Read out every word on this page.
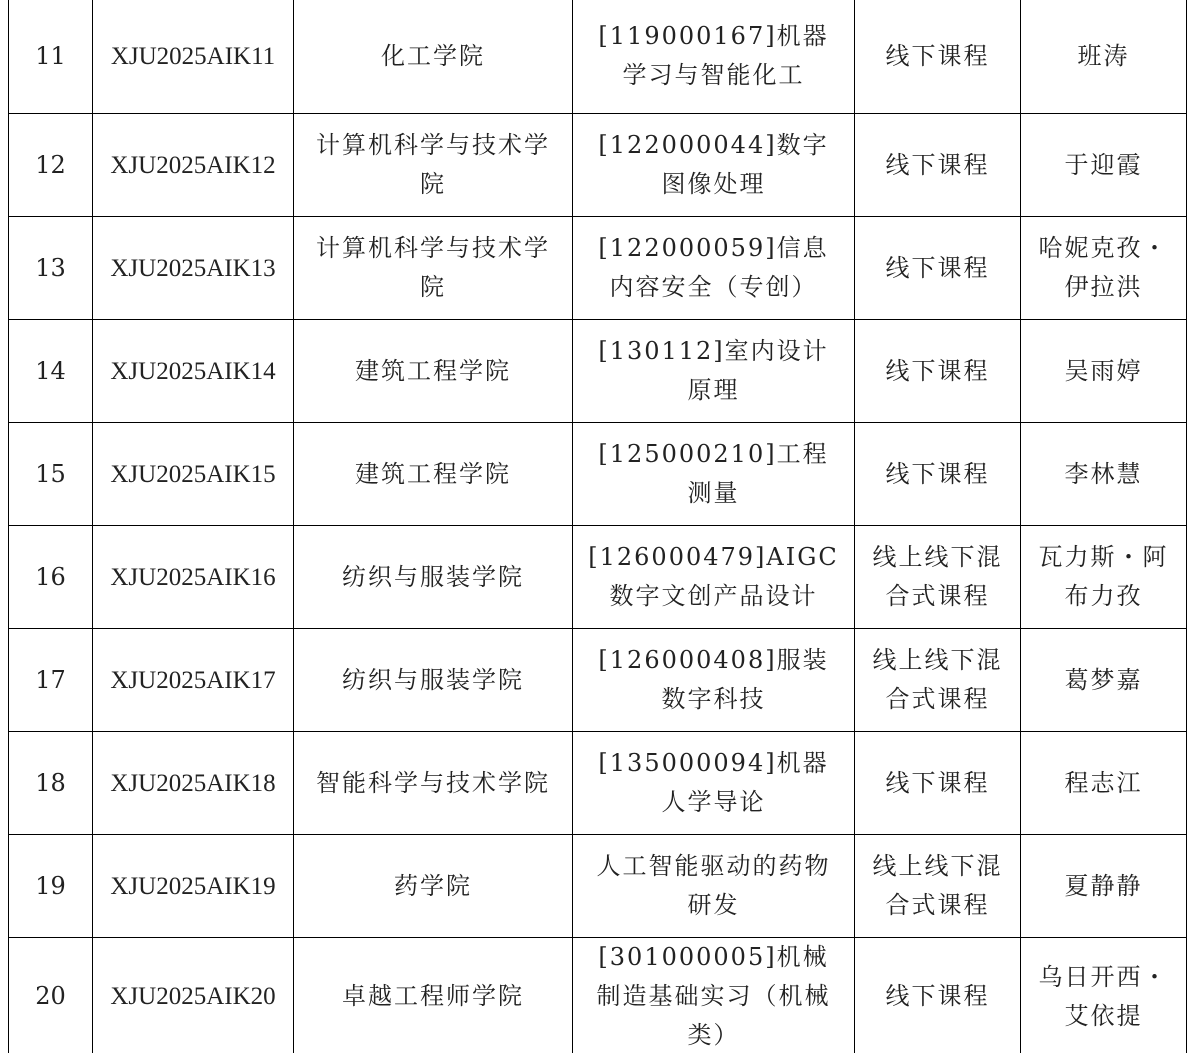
11	XJU2025AIK11	化工学院	[119000167]机器学习与智能化工	线下课程	班涛
12	XJU2025AIK12	计算机科学与技术学院	[122000044]数字图像处理	线下课程	于迎霞
13	XJU2025AIK13	计算机科学与技术学院	[122000059]信息内容安全（专创）	线下课程	哈妮克孜・伊拉洪
14	XJU2025AIK14	建筑工程学院	[130112]室内设计原理	线下课程	吴雨婷
15	XJU2025AIK15	建筑工程学院	[125000210]工程测量	线下课程	李林慧
16	XJU2025AIK16	纺织与服装学院	[126000479]AIGC 数字文创产品设计	线上线下混合式课程	瓦力斯・阿布力孜
17	XJU2025AIK17	纺织与服装学院	[126000408]服装数字科技	线上线下混合式课程	葛梦嘉
18	XJU2025AIK18	智能科学与技术学院	[135000094]机器人学导论	线下课程	程志江
19	XJU2025AIK19	药学院	人工智能驱动的药物研发	线上线下混合式课程	夏静静
20	XJU2025AIK20	卓越工程师学院	[301000005]机械制造基础实习（机械类）	线下课程	乌日开西・艾依提
